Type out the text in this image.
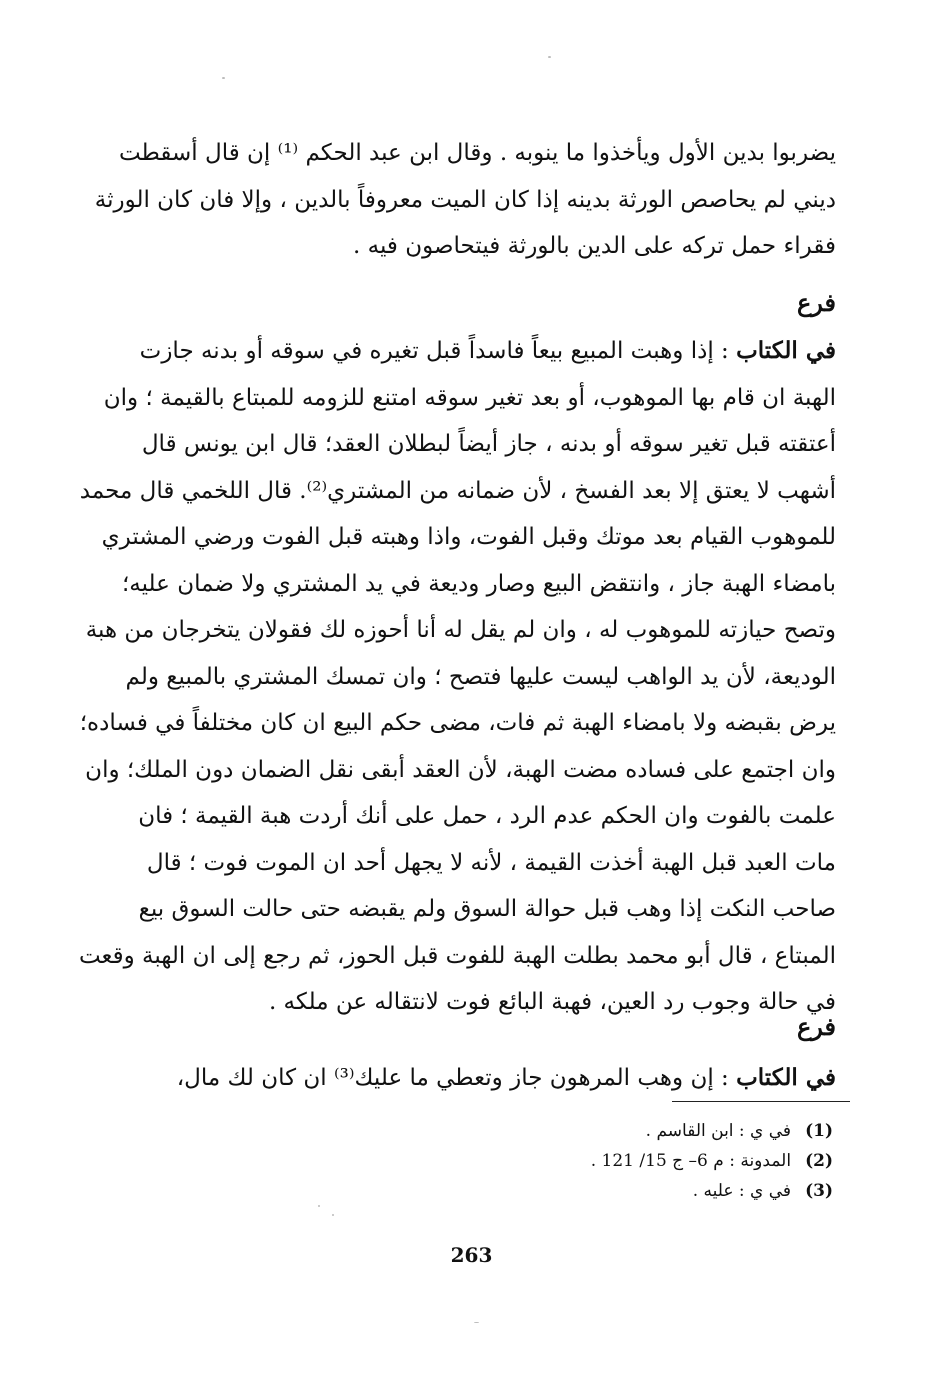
يضربوا بدين الأول ويأخذوا ما ينوبه . وقال ابن عبد الحكم ⁽¹⁾ إن قال أسقطت
ديني لم يحاصص الورثة بدينه إذا كان الميت معروفاً بالدين ، وإلا فان كان الورثة
فقراء حمل تركه على الدين بالورثة فيتحاصون فيه .
فرع
في الكتاب : إذا وهبت المبيع بيعاً فاسداً قبل تغيره في سوقه أو بدنه جازت
الهبة ان قام بها الموهوب، أو بعد تغير سوقه امتنع للزومه للمبتاع بالقيمة ؛ وان
أعتقته قبل تغير سوقه أو بدنه ، جاز أيضاً لبطلان العقد؛ قال ابن يونس قال
أشهب لا يعتق إلا بعد الفسخ ، لأن ضمانه من المشتري⁽²⁾. قال اللخمي قال محمد
للموهوب القيام بعد موتك وقبل الفوت، واذا وهبته قبل الفوت ورضي المشتري
بامضاء الهبة جاز ، وانتقض البيع وصار وديعة في يد المشتري ولا ضمان عليه؛
وتصح حيازته للموهوب له ، وان لم يقل له أنا أحوزه لك فقولان يتخرجان من هبة
الوديعة، لأن يد الواهب ليست عليها فتصح ؛ وان تمسك المشتري بالمبيع ولم
يرض بقبضه ولا بامضاء الهبة ثم فات، مضى حكم البيع ان كان مختلفاً في فساده؛
وان اجتمع على فساده مضت الهبة، لأن العقد أبقى نقل الضمان دون الملك؛ وان
علمت بالفوت وان الحكم عدم الرد ، حمل على أنك أردت هبة القيمة ؛ فان
مات العبد قبل الهبة أخذت القيمة ، لأنه لا يجهل أحد ان الموت فوت ؛ قال
صاحب النكت إذا وهب قبل حوالة السوق ولم يقبضه حتى حالت السوق بيع
المبتاع ، قال أبو محمد بطلت الهبة للفوت قبل الحوز، ثم رجع إلى ان الهبة وقعت
في حالة وجوب رد العين، فهبة البائع فوت لانتقاله عن ملكه .
فرع
في الكتاب : إن وهب المرهون جاز وتعطي ما عليك⁽³⁾ ان كان لك مال،
(1)في ي : ابن القاسم .
(2)المدونة : م 6– ج 15/ 121 .
(3)في ي : عليه .
263
